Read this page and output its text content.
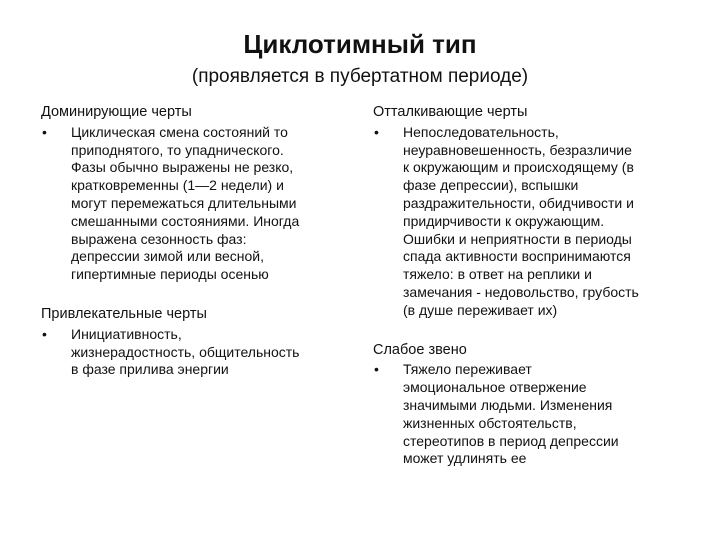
Циклотимный тип
(проявляется в пубертатном периоде)
Доминирующие черты
•	Циклическая смена состояний то
приподнятого, то упаднического.
Фазы обычно выражены не резко,
кратковременны (1—2 недели) и
могут перемежаться длительными
смешанными состояниями. Иногда
выражена сезонность фаз:
депрессии зимой или весной,
гипертимные периоды осенью
Привлекательные черты
•	Инициативность,
жизнерадостность, общительность
в фазе прилива энергии
Отталкивающие черты
•	Непоследовательность,
неуравновешенность, безразличие
к окружающим и происходящему (в
фазе депрессии), вспышки
раздражительности, обидчивости и
придирчивости к окружающим.
Ошибки и неприятности в периоды
спада активности воспринимаются
тяжело: в ответ на реплики и
замечания - недовольство, грубость
(в душе переживает их)
Слабое звено
•	Тяжело переживает
эмоциональное отвержение
значимыми людьми. Изменения
жизненных обстоятельств,
стереотипов в период депрессии
может удлинять ее
